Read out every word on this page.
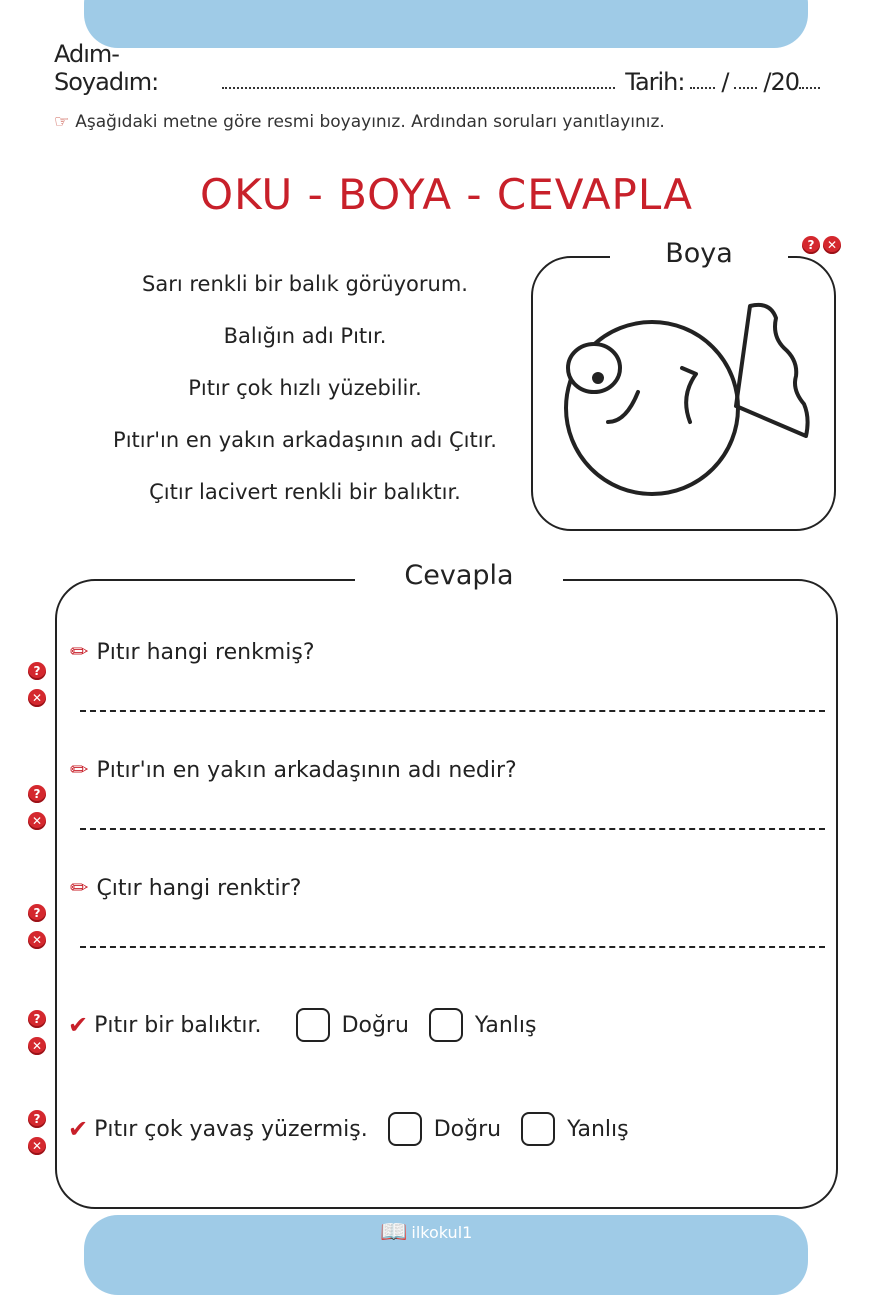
Adım-Soyadım:	Tarih: / /20
☞ Aşağıdaki metne göre resmi boyayınız. Ardından soruları yanıtlayınız.
OKU - BOYA - CEVAPLA
Sarı renkli bir balık görüyorum.
Balığın adı Pıtır.
Pıtır çok hızlı yüzebilir.
Pıtır'ın en yakın arkadaşının adı Çıtır.
Çıtır lacivert renkli bir balıktır.
Boya	?	✕
Cevapla
?
✕
✏ Pıtır hangi renkmiş?
?
✕
✏ Pıtır'ın en yakın arkadaşının adı nedir?
?
✕
✏ Çıtır hangi renktir?
?
✕
✔ Pıtır bir balıktır.	Doğru	Yanlış
?
✕
✔ Pıtır çok yavaş yüzermiş.	Doğru	Yanlış
📖 ilkokul1
